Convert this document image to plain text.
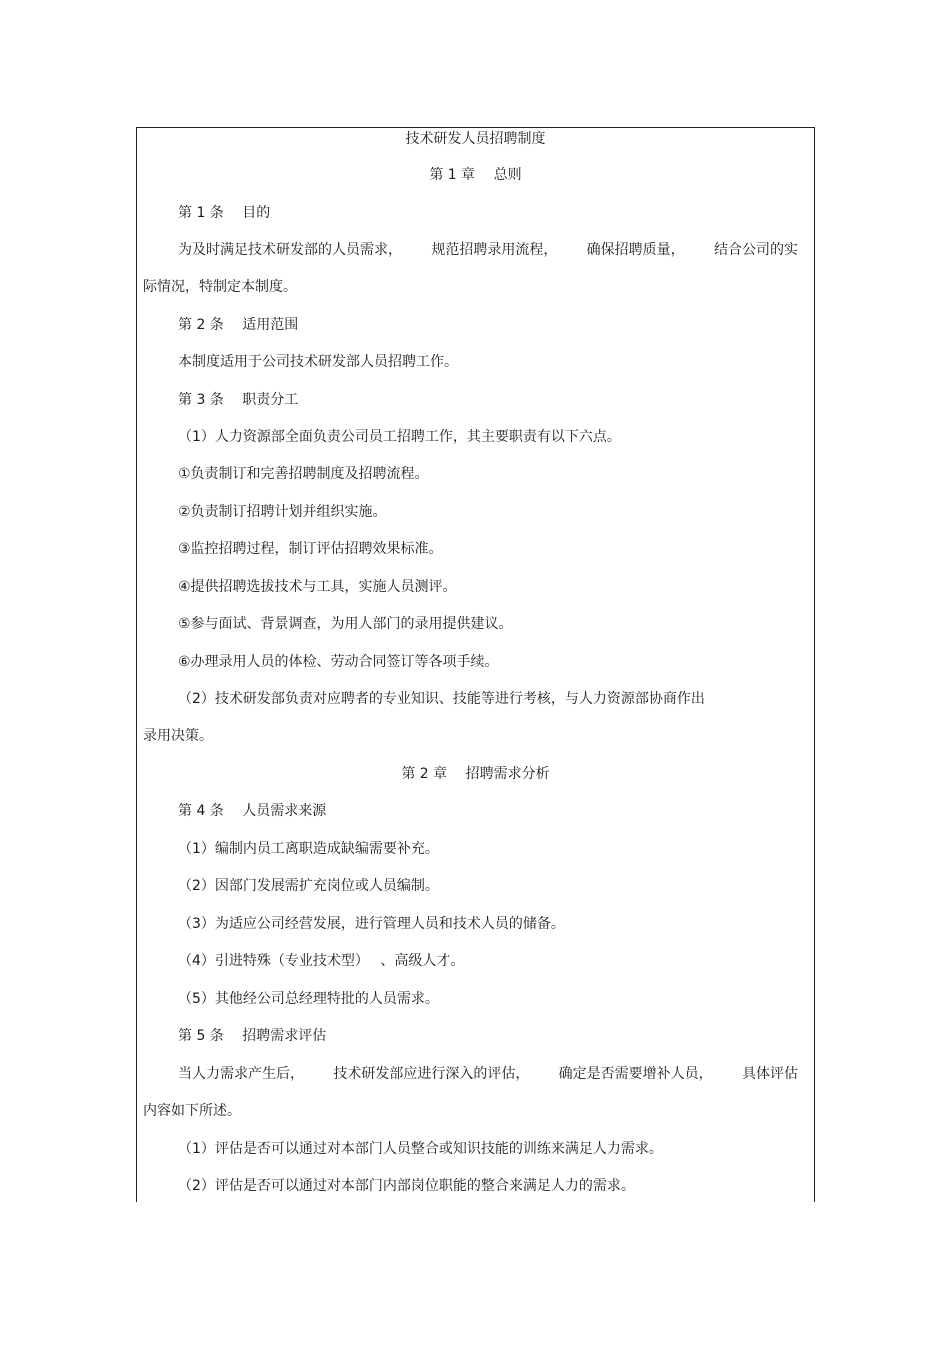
技术研发人员招聘制度
第 1 章　 总则
第 1 条　 目的
为及时满足技术研发部的人员需求， 规范招聘录用流程， 确保招聘质量， 结合公司的实
际情况，特制定本制度。
第 2 条　 适用范围
本制度适用于公司技术研发部人员招聘工作。
第 3 条　 职责分工
（1）人力资源部全面负责公司员工招聘工作，其主要职责有以下六点。
①负责制订和完善招聘制度及招聘流程。
②负责制订招聘计划并组织实施。
③监控招聘过程，制订评估招聘效果标准。
④提供招聘选拔技术与工具，实施人员测评。
⑤参与面试、背景调查，为用人部门的录用提供建议。
⑥办理录用人员的体检、劳动合同签订等各项手续。
（2）技术研发部负责对应聘者的专业知识、技能等进行考核，与人力资源部协商作出
录用决策。
第 2 章　 招聘需求分析
第 4 条　 人员需求来源
（1）编制内员工离职造成缺编需要补充。
（2）因部门发展需扩充岗位或人员编制。
（3）为适应公司经营发展，进行管理人员和技术人员的储备。
（4）引进特殊（专业技术型）　 、高级人才。
（5）其他经公司总经理特批的人员需求。
第 5 条　 招聘需求评估
当人力需求产生后， 技术研发部应进行深入的评估， 确定是否需要增补人员， 具体评估
内容如下所述。
（1）评估是否可以通过对本部门人员整合或知识技能的训练来满足人力需求。
（2）评估是否可以通过对本部门内部岗位职能的整合来满足人力的需求。
